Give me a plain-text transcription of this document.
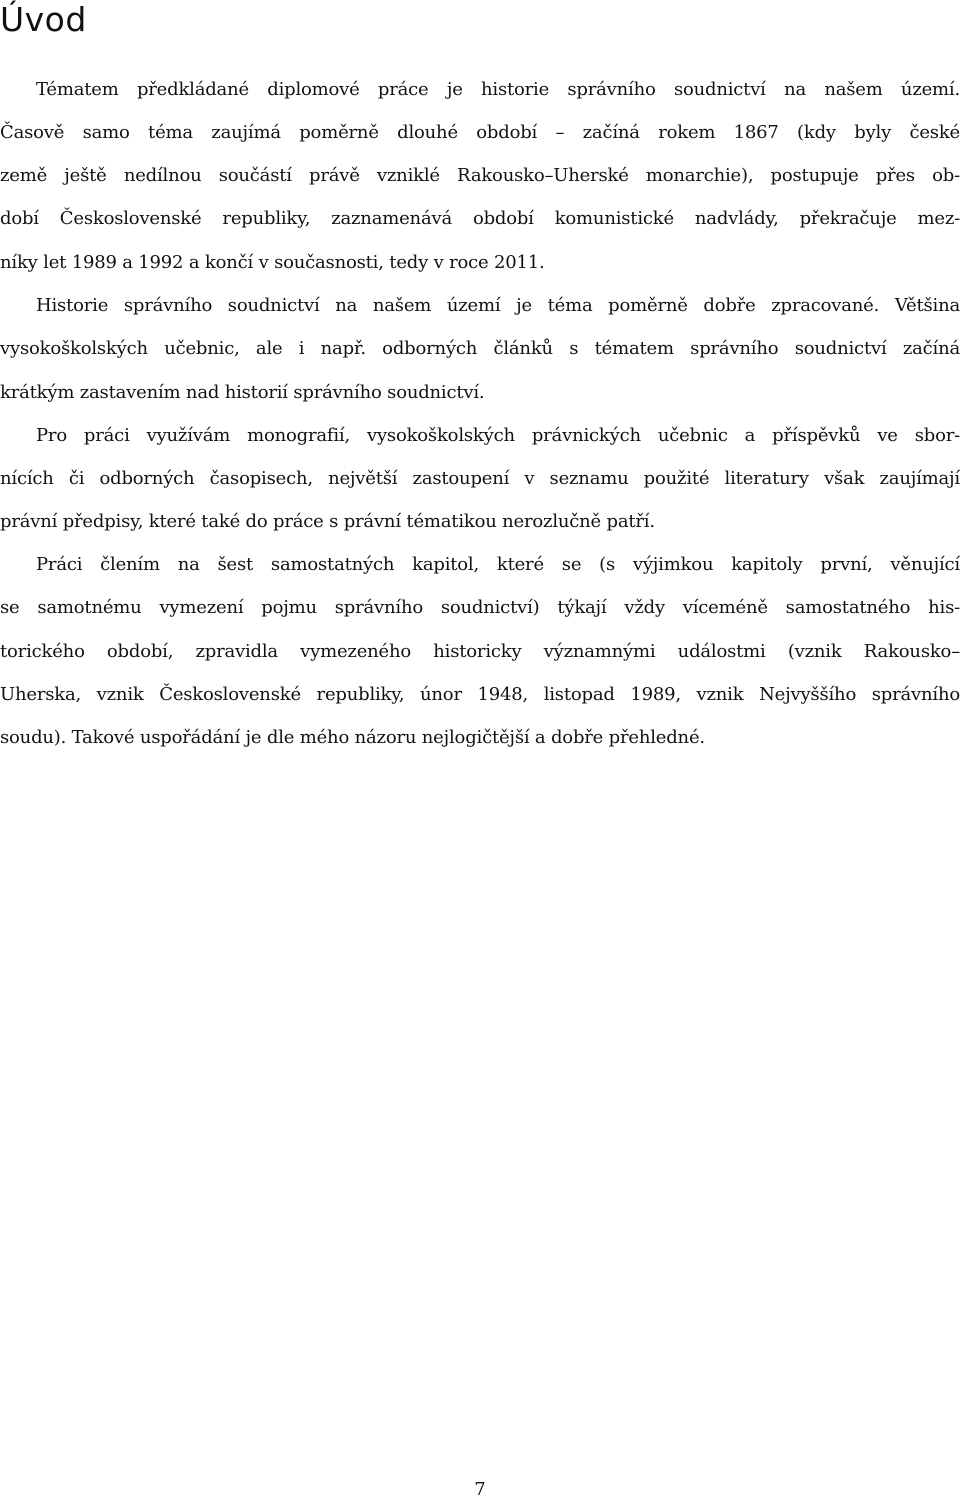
Úvod
Tématem předkládané diplomové práce je historie správního soudnictví na našem území.
Časově samo téma zaujímá poměrně dlouhé období – začíná rokem 1867 (kdy byly české
země ještě nedílnou součástí právě vzniklé Rakousko–Uherské monarchie), postupuje přes ob-
dobí Československé republiky, zaznamenává období komunistické nadvlády, překračuje mez-
níky let 1989 a 1992 a končí v současnosti, tedy v roce 2011.
Historie správního soudnictví na našem území je téma poměrně dobře zpracované. Většina
vysokoškolských učebnic, ale i např. odborných článků s tématem správního soudnictví začíná
krátkým zastavením nad historií správního soudnictví.
Pro práci využívám monografií, vysokoškolských právnických učebnic a příspěvků ve sbor-
nících či odborných časopisech, největší zastoupení v seznamu použité literatury však zaujímají
právní předpisy, které také do práce s právní tématikou nerozlučně patří.
Práci člením na šest samostatných kapitol, které se (s výjimkou kapitoly první, věnující
se samotnému vymezení pojmu správního soudnictví) týkají vždy víceméně samostatného his-
torického období, zpravidla vymezeného historicky významnými událostmi (vznik Rakousko–
Uherska, vznik Československé republiky, únor 1948, listopad 1989, vznik Nejvyššího správního
soudu). Takové uspořádání je dle mého názoru nejlogičtější a dobře přehledné.
7
